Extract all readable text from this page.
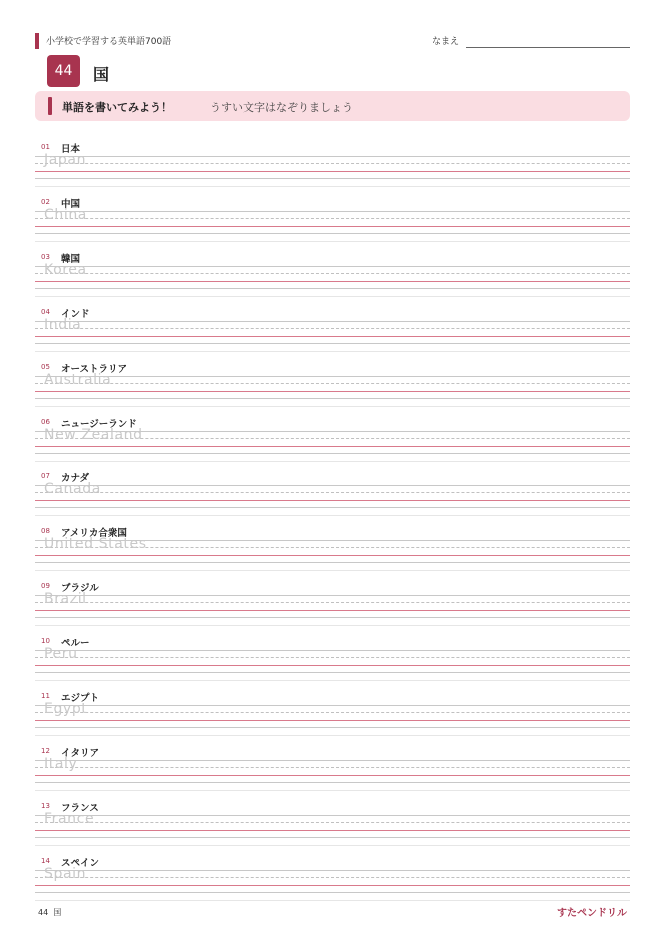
小学校で学習する英単語700語	なまえ
44	国
単語を書いてみよう！	うすい文字はなぞりましょう
01 日本
Japan
02 中国
China
03 韓国
Korea
04 インド
India
05 オーストラリア
Australia
06 ニュージーランド
New Zealand
07 カナダ
Canada
08 アメリカ合衆国
United States
09 ブラジル
Brazil
10 ペルー
Peru
11 エジプト
Egypt
12 イタリア
Italy
13 フランス
France
14 スペイン
Spain
44 国	すたペンドリル
